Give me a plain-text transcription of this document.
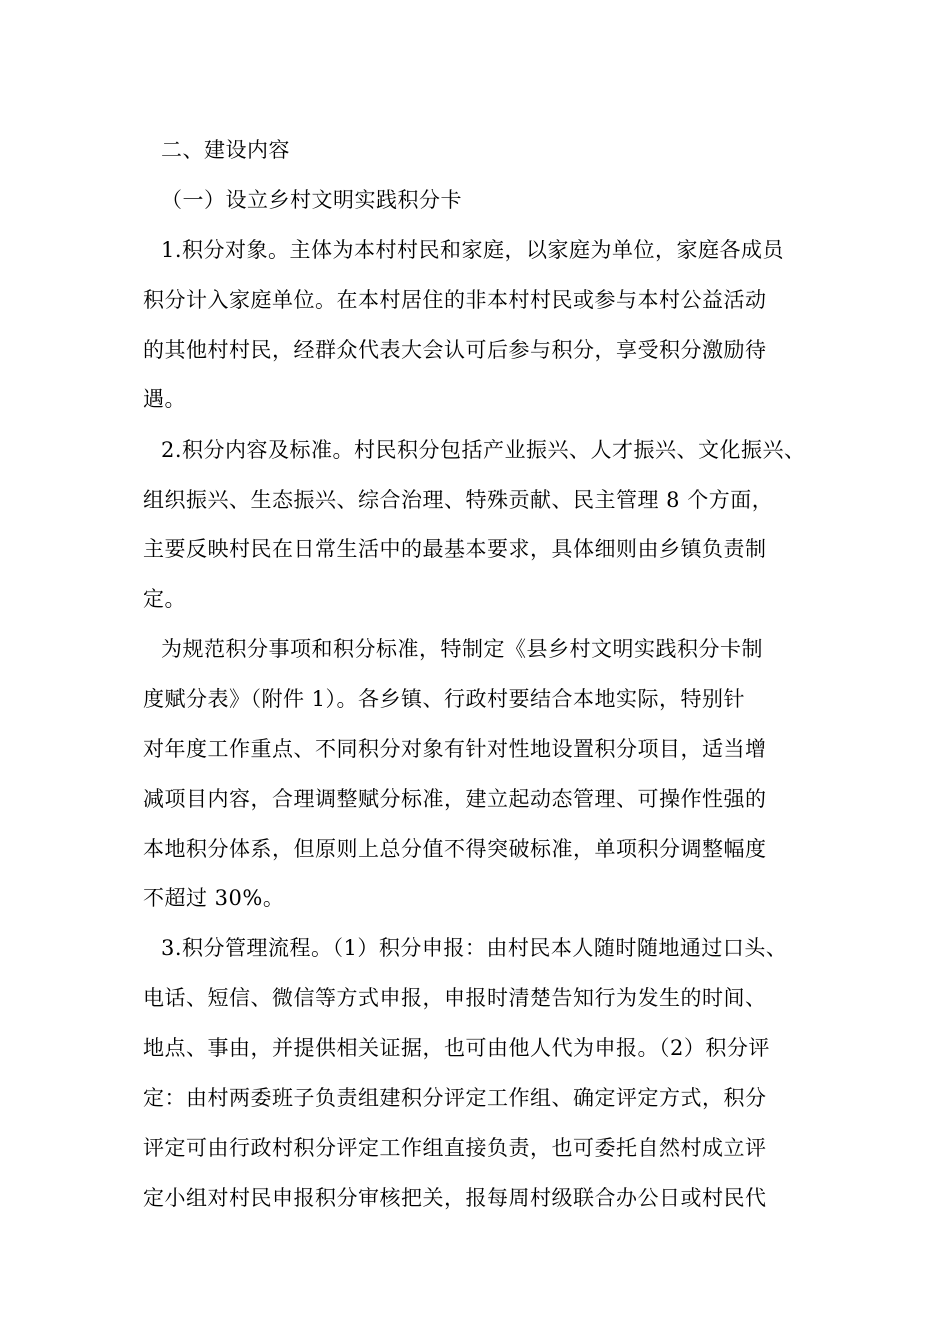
二、建设内容
（一）设立乡村文明实践积分卡
1.积分对象。主体为本村村民和家庭，以家庭为单位，家庭各成员
积分计入家庭单位。在本村居住的非本村村民或参与本村公益活动
的其他村村民，经群众代表大会认可后参与积分，享受积分激励待
遇。
2.积分内容及标准。村民积分包括产业振兴、人才振兴、文化振兴、
组织振兴、生态振兴、综合治理、特殊贡献、民主管理 8 个方面，
主要反映村民在日常生活中的最基本要求，具体细则由乡镇负责制
定。
为规范积分事项和积分标准，特制定《县乡村文明实践积分卡制
度赋分表》（附件 1）。各乡镇、行政村要结合本地实际，特别针
对年度工作重点、不同积分对象有针对性地设置积分项目，适当增
减项目内容，合理调整赋分标准，建立起动态管理、可操作性强的
本地积分体系，但原则上总分值不得突破标准，单项积分调整幅度
不超过 30%。
3.积分管理流程。（1）积分申报：由村民本人随时随地通过口头、
电话、短信、微信等方式申报，申报时清楚告知行为发生的时间、
地点、事由，并提供相关证据，也可由他人代为申报。（2）积分评
定：由村两委班子负责组建积分评定工作组、确定评定方式，积分
评定可由行政村积分评定工作组直接负责，也可委托自然村成立评
定小组对村民申报积分审核把关，报每周村级联合办公日或村民代
